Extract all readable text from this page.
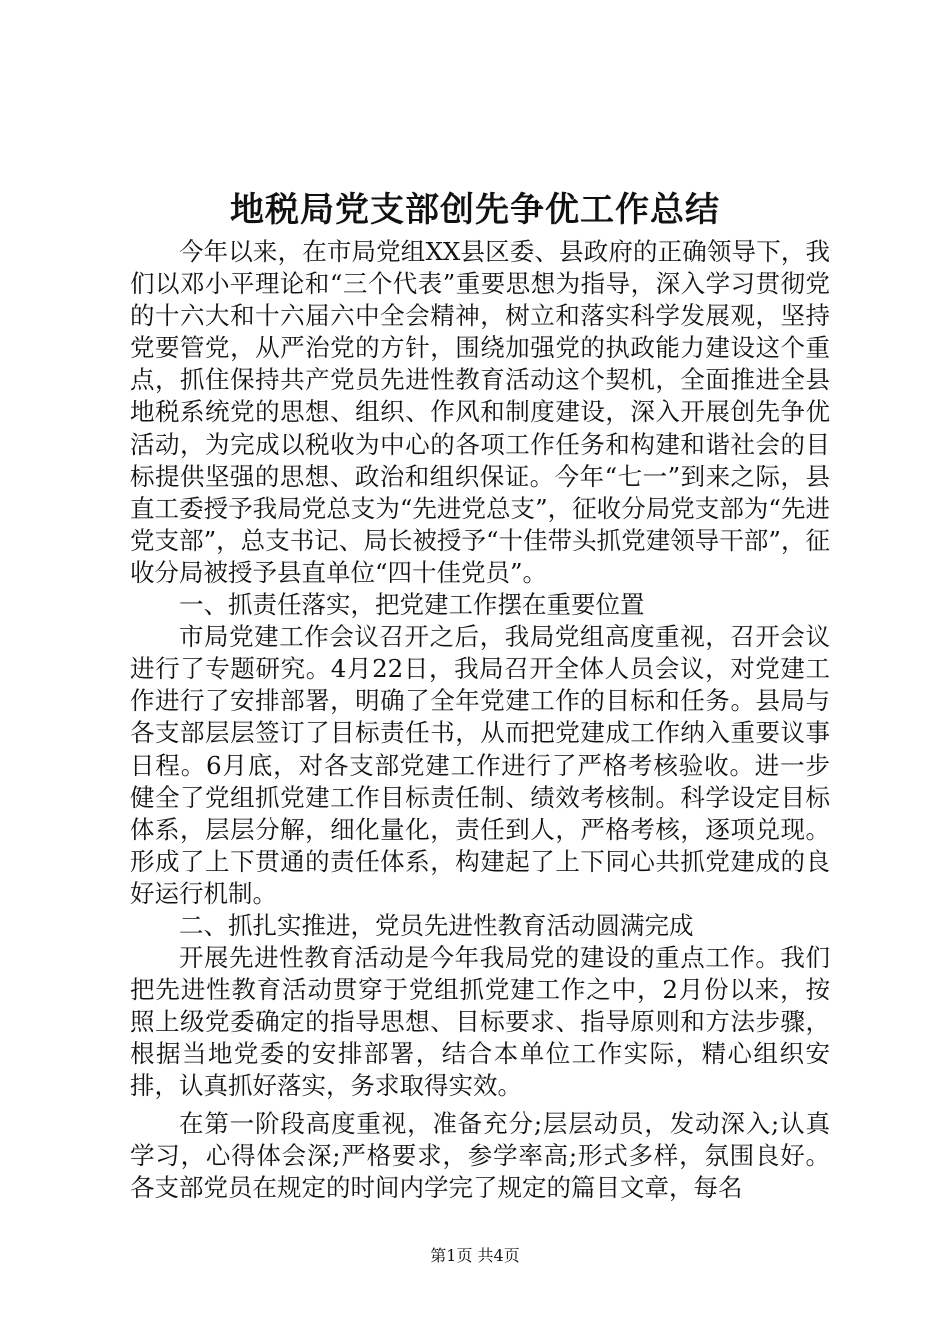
地税局党支部创先争优工作总结

今年以来，在市局党组XX县区委、县政府的正确领导下，我们以邓小平理论和“三个代表”重要思想为指导，深入学习贯彻党的十六大和十六届六中全会精神，树立和落实科学发展观，坚持党要管党，从严治党的方针，围绕加强党的执政能力建设这个重点，抓住保持共产党员先进性教育活动这个契机，全面推进全县地税系统党的思想、组织、作风和制度建设，深入开展创先争优活动，为完成以税收为中心的各项工作任务和构建和谐社会的目标提供坚强的思想、政治和组织保证。今年“七一”到来之际，县直工委授予我局党总支为“先进党总支”，征收分局党支部为“先进党支部”，总支书记、局长被授予“十佳带头抓党建领导干部”，征收分局被授予县直单位“四十佳党员”。

一、抓责任落实，把党建工作摆在重要位置

市局党建工作会议召开之后，我局党组高度重视，召开会议进行了专题研究。4月22日，我局召开全体人员会议，对党建工作进行了安排部署，明确了全年党建工作的目标和任务。县局与各支部层层签订了目标责任书，从而把党建成工作纳入重要议事日程。6月底，对各支部党建工作进行了严格考核验收。进一步健全了党组抓党建工作目标责任制、绩效考核制。科学设定目标体系，层层分解，细化量化，责任到人，严格考核，逐项兑现。形成了上下贯通的责任体系，构建起了上下同心共抓党建成的良好运行机制。

二、抓扎实推进，党员先进性教育活动圆满完成

开展先进性教育活动是今年我局党的建设的重点工作。我们把先进性教育活动贯穿于党组抓党建工作之中，2月份以来，按照上级党委确定的指导思想、目标要求、指导原则和方法步骤，根据当地党委的安排部署，结合本单位工作实际，精心组织安排，认真抓好落实，务求取得实效。

在第一阶段高度重视，准备充分;层层动员，发动深入;认真学习，心得体会深;严格要求，参学率高;形式多样，氛围良好。各支部党员在规定的时间内学完了规定的篇目文章，每名

第1页 共4页
